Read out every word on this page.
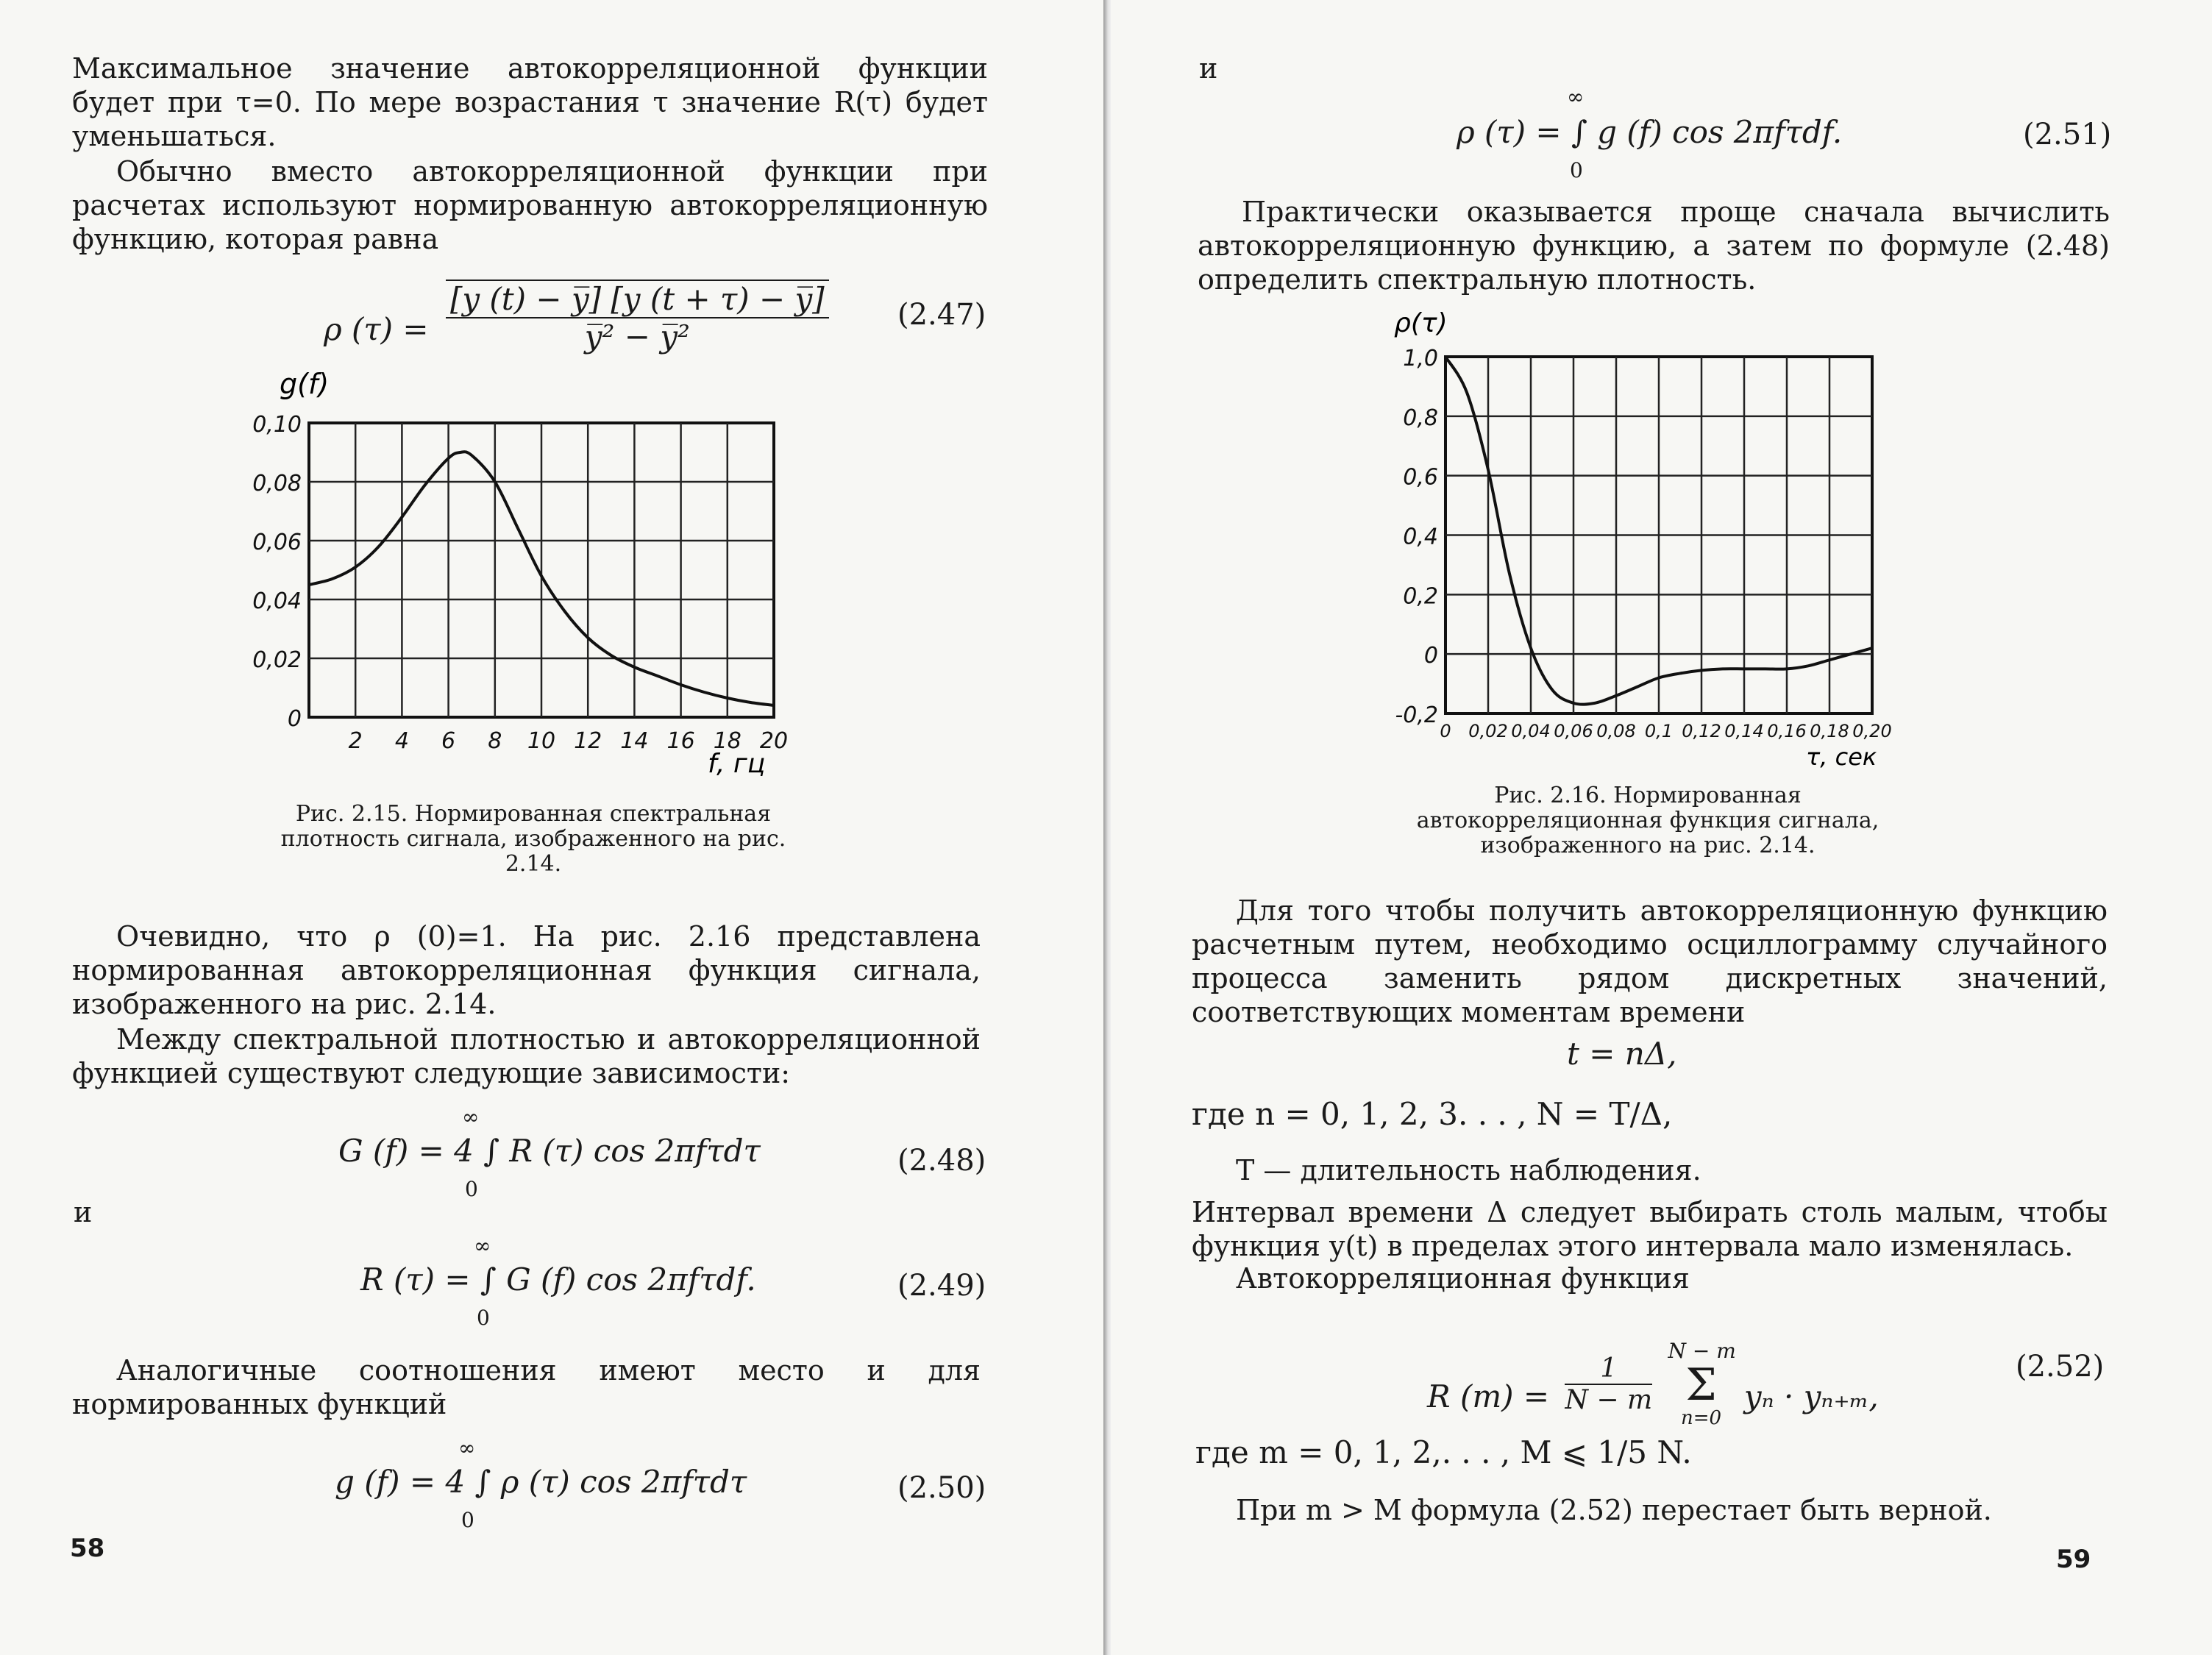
Максимальное значение автокорреляционной функции будет при τ=0. По мере возрастания τ значение R(τ) будет уменьшаться.

Обычно вместо автокорреляционной функции при расчетах используют нормированную автокорреляционную функцию, которая равна

ρ $(\tau) = \frac{[y (t) - y̅] [y (t + \tau) - y̅]}{\text{y̅² − y̅²}} (2.47)$
2 4 6 8 10 12 14 16 18 20
0
0,02
0,04
0,06
0,08
0,10
g(f)
f, гц
Рис. 2.15. Нормированная спектральная плотность сигнала, изображенного на рис. 2.14.

Очевидно, что ρ (0)=1. На рис. 2.16 представлена нормированная автокорреляционная функция сигнала, изображенного на рис. 2.14.

Между спектральной плотностью и автокорреляционной функцией существуют следующие зависимости:

G (f) = 4 ∫ R (τ) cos 2πfτdτ
∞
0
(2.48)
и
R (τ) = ∫ G (f) cos 2πfτdf.
∞
0
(2.49)

Аналогичные соотношения имеют место и для нормированных функций

g (f) = 4 ∫ ρ (τ) cos 2πfτdτ
∞
0
(2.50)
58
и
ρ (τ) = ∫ g (f) cos 2πfτdf.
∞
0
(2.51)

Практически оказывается проще сначала вычислить автокорреляционную функцию, а затем по формуле (2.48) определить спектральную плотность.

0 0,02 0,04 0,06 0,08 0,1 0,12 0,14 0,16 0,18 0,20
-0,2
0
0,2
0,4
0,6
0,8
1,0
ρ(τ)
τ, сек
Рис. 2.16. Нормированная автокорреляционная функция сигнала, изображенного на рис. 2.14.

Для того чтобы получить автокорреляционную функцию расчетным путем, необходимо осциллограмму случайного процесса заменить рядом дискретных значений, соответствующих моментам времени

t = nΔ,
где n = 0, 1, 2, 3. . . , N = T/Δ,

T — длительность наблюдения.

Интервал времени Δ следует выбирать столь малым, чтобы функция y(t) в пределах этого интервала мало изменялась.

Автокорреляционная функция

R $(m) = \frac{1}{N - m}$

N − m
Σ
n=0
yₙ · yₙ₊ₘ,
(2.52)
где m = 0, 1, 2,. . . , M ⩽ 1/5 N.

При m > M формула (2.52) перестает быть верной.

59
